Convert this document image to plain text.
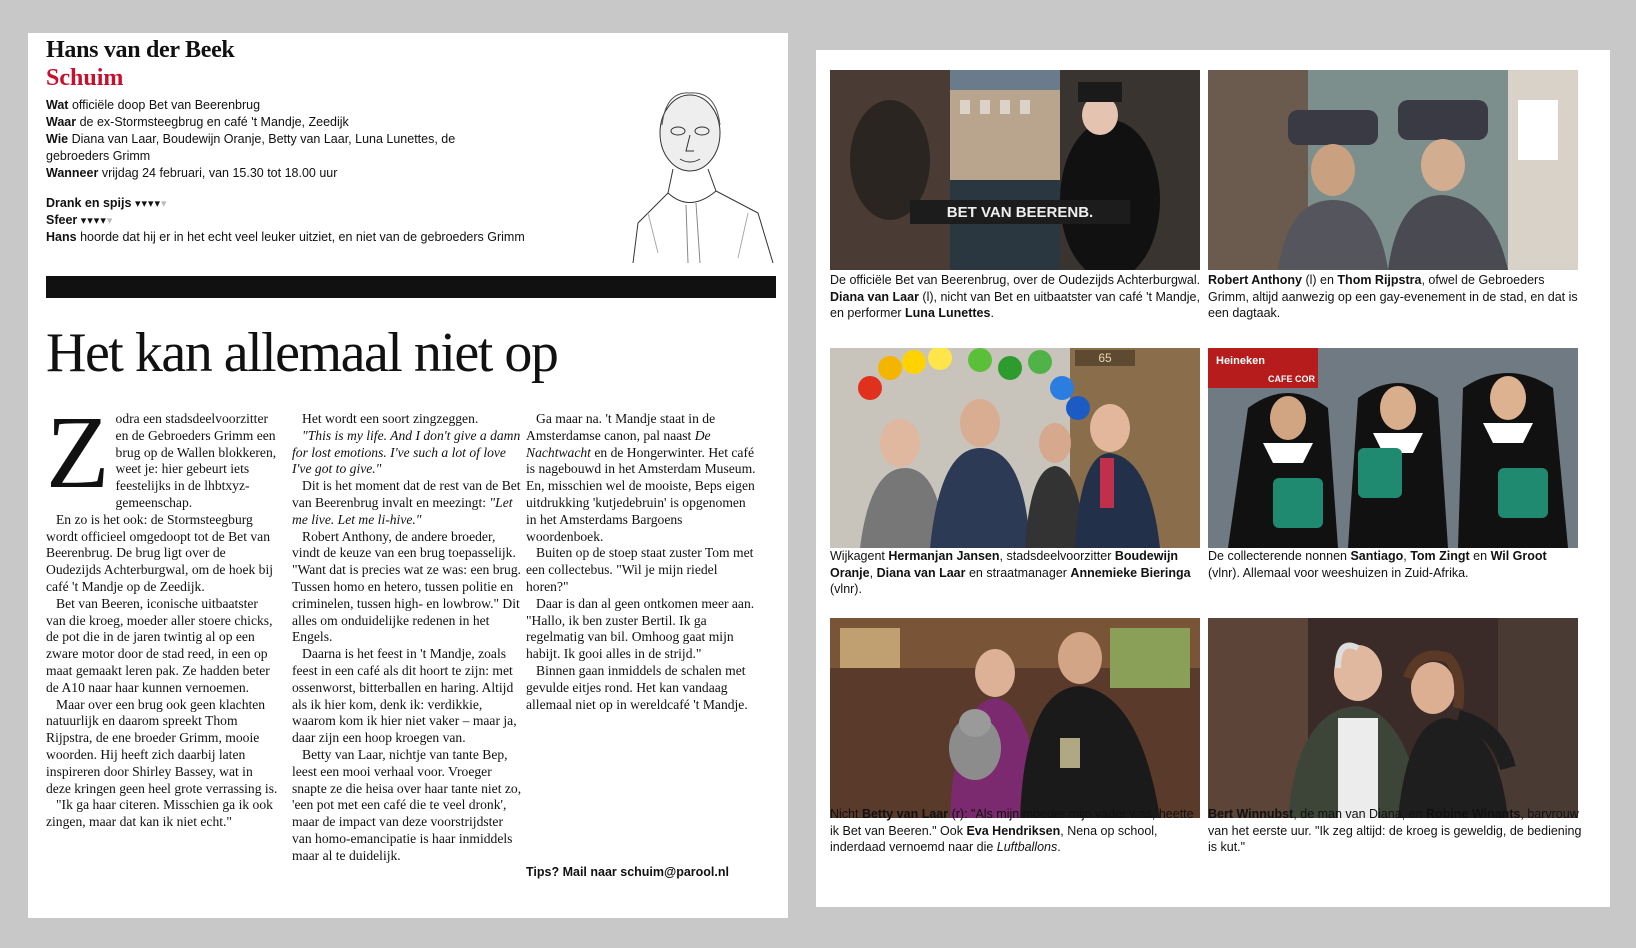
Hans van der Beek
Schuim
Wat officiële doop Bet van Beerenbrug
Waar de ex-Stormsteegbrug en café 't Mandje, Zeedijk
Wie Diana van Laar, Boudewijn Oranje, Betty van Laar, Luna Lunettes, de gebroeders Grimm
Wanneer vrijdag 24 februari, van 15.30 tot 18.00 uur
Drank en spijs ▾▾▾▾▾
Sfeer ▾▾▾▾▾
Hans hoorde dat hij er in het echt veel leuker uitziet, en niet van de gebroeders Grimm
Het kan allemaal niet op

Zodra een stadsdeelvoorzitter en de Gebroeders Grimm een brug op de Wallen blokkeren, weet je: hier gebeurt iets feestelijks in de lhbtxyz-gemeenschap.

En zo is het ook: de Stormsteegburg wordt officieel omgedoopt tot de Bet van Beerenbrug. De brug ligt over de Oudezijds Achterburgwal, om de hoek bij café 't Mandje op de Zeedijk.

Bet van Beeren, iconische uitbaatster van die kroeg, moeder aller stoere chicks, de pot die in de jaren twintig al op een zware motor door de stad reed, in een op maat gemaakt leren pak. Ze hadden beter de A10 naar haar kunnen vernoemen.

Maar over een brug ook geen klachten natuurlijk en daarom spreekt Thom Rijpstra, de ene broeder Grimm, mooie woorden. Hij heeft zich daarbij laten inspireren door Shirley Bassey, wat in deze kringen geen heel grote verrassing is.

"Ik ga haar citeren. Misschien ga ik ook zingen, maar dat kan ik niet echt."

Het wordt een soort zingzeggen.

"This is my life. And I don't give a damn for lost emotions. I've such a lot of love I've got to give."

Dit is het moment dat de rest van de Bet van Beerenbrug invalt en meezingt: "Let me live. Let me li-hive."

Robert Anthony, de andere broeder, vindt de keuze van een brug toepasselijk. "Want dat is precies wat ze was: een brug. Tussen homo en hetero, tussen politie en criminelen, tussen high- en lowbrow." Dit alles om onduidelijke redenen in het Engels.

Daarna is het feest in 't Mandje, zoals feest in een café als dit hoort te zijn: met ossenworst, bitterballen en haring. Altijd als ik hier kom, denk ik: verdikkie, waarom kom ik hier niet vaker – maar ja, daar zijn een hoop kroegen van.

Betty van Laar, nichtje van tante Bep, leest een mooi verhaal voor. Vroeger snapte ze die heisa over haar tante niet zo, 'een pot met een café die te veel dronk', maar de impact van deze voorstrijdster van homo-emancipatie is haar inmiddels maar al te duidelijk.

Ga maar na. 't Mandje staat in de Amsterdamse canon, pal naast De Nachtwacht en de Hongerwinter. Het café is nagebouwd in het Amsterdam Museum. En, misschien wel de mooiste, Beps eigen uitdrukking 'kutjedebruin' is opgenomen in het Amsterdams Bargoens woordenboek.

Buiten op de stoep staat zuster Tom met een collectebus. "Wil je mijn riedel horen?"

Daar is dan al geen ontkomen meer aan. "Hallo, ik ben zuster Bertil. Ik ga regelmatig van bil. Omhoog gaat mijn habijt. Ik gooi alles in de strijd."

Binnen gaan inmiddels de schalen met gevulde eitjes rond. Het kan vandaag allemaal niet op in wereldcafé 't Mandje.

Tips? Mail naar schuim@parool.nl
BET VAN BEERENB.
De officiële Bet van Beerenbrug, over de Oudezijds Achterburgwal. Diana van Laar (l), nicht van Bet en uitbaatster van café 't Mandje, en performer Luna Lunettes.
Robert Anthony (l) en Thom Rijpstra, ofwel de Gebroeders Grimm, altijd aanwezig op een gay-evenement in de stad, en dat is een dagtaak.
65	Heineken
CAFE COR
Wijkagent Hermanjan Jansen, stadsdeelvoorzitter Boudewijn Oranje, Diana van Laar en straatmanager Annemieke Bieringa (vlnr).
De collecterende nonnen Santiago, Tom Zingt en Wil Groot (vlnr). Allemaal voor weeshuizen in Zuid-Afrika.
Nicht Betty van Laar (r): "Als mijn moeder mijn vader was, heette ik Bet van Beeren." Ook Eva Hendriksen, Nena op school, inderdaad vernoemd naar die Luftballons.
Bert Winnubst, de man van Diana, en Robine Winants, barvrouw van het eerste uur. "Ik zeg altijd: de kroeg is geweldig, de bediening is kut."
